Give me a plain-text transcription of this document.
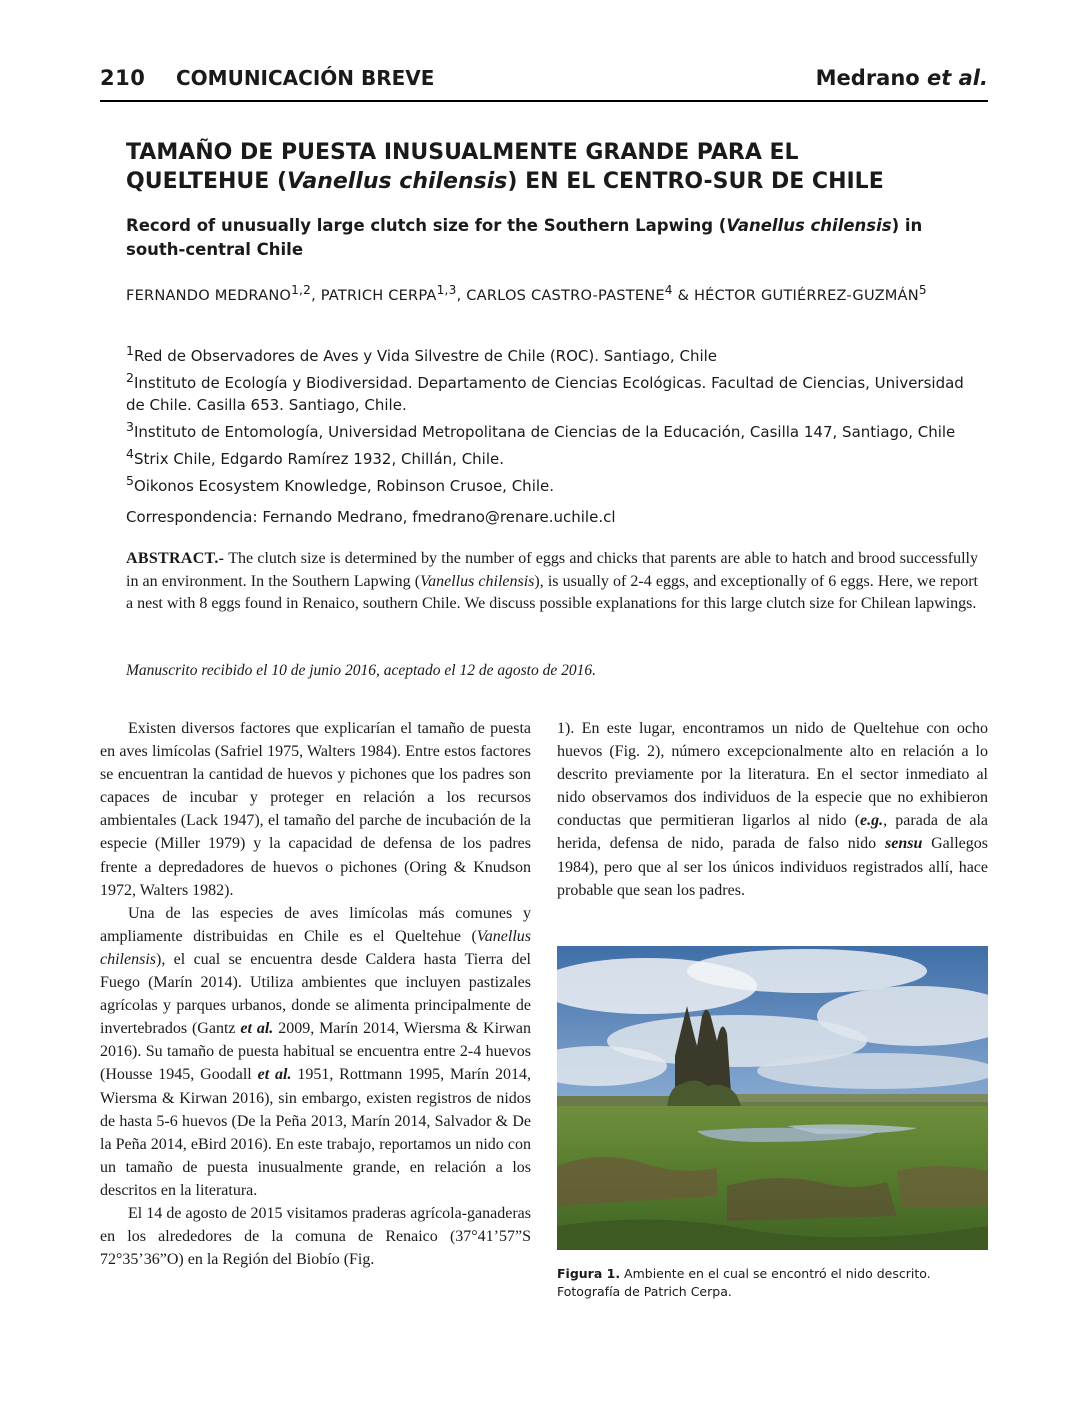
210 COMUNICACIÓN BREVE	Medrano et al.
TAMAÑO DE PUESTA INUSUALMENTE GRANDE PARA EL
QUELTEHUE (Vanellus chilensis) EN EL CENTRO-SUR DE CHILE
Record of unusually large clutch size for the Southern Lapwing (Vanellus chilensis) in south-central Chile
FERNANDO MEDRANO$^{1,2}$, PATRICH CERPA$^{1,3}$, CARLOS CASTRO-PASTENE$^4$ & HÉCTOR GUTIÉRREZ-GUZMÁN$^5$
$^1$Red de Observadores de Aves y Vida Silvestre de Chile (ROC). Santiago, Chile
$^2$Instituto de Ecología y Biodiversidad. Departamento de Ciencias Ecológicas. Facultad de Ciencias, Universidad de Chile. Casilla 653. Santiago, Chile.
$^3$Instituto de Entomología, Universidad Metropolitana de Ciencias de la Educación, Casilla 147, Santiago, Chile
$^4$Strix Chile, Edgardo Ramírez 1932, Chillán, Chile.
$^5$Oikonos Ecosystem Knowledge, Robinson Crusoe, Chile.
Correspondencia: Fernando Medrano, fmedrano@renare.uchile.cl
ABSTRACT.- The clutch size is determined by the number of eggs and chicks that parents are able to hatch and brood successfully in an environment. In the Southern Lapwing (Vanellus chilensis), is usually of 2-4 eggs, and exceptionally of 6 eggs. Here, we report a nest with 8 eggs found in Renaico, southern Chile. We discuss possible explanations for this large clutch size for Chilean lapwings.
Manuscrito recibido el 10 de junio 2016, aceptado el 12 de agosto de 2016.

Existen diversos factores que explicarían el tamaño de puesta en aves limícolas (Safriel 1975, Walters 1984). Entre estos factores se encuentran la cantidad de huevos y pichones que los padres son capaces de incubar y proteger en relación a los recursos ambientales (Lack 1947), el tamaño del parche de incubación de la especie (Miller 1979) y la capacidad de defensa de los padres frente a depredadores de huevos o pichones (Oring & Knudson 1972, Walters 1982).

Una de las especies de aves limícolas más comunes y ampliamente distribuidas en Chile es el Queltehue (Vanellus chilensis), el cual se encuentra desde Caldera hasta Tierra del Fuego (Marín 2014). Utiliza ambientes que incluyen pastizales agrícolas y parques urbanos, donde se alimenta principalmente de invertebrados (Gantz et al. 2009, Marín 2014, Wiersma & Kirwan 2016). Su tamaño de puesta habitual se encuentra entre 2-4 huevos (Housse 1945, Goodall et al. 1951, Rottmann 1995, Marín 2014, Wiersma & Kirwan 2016), sin embargo, existen registros de nidos de hasta 5-6 huevos (De la Peña 2013, Marín 2014, Salvador & De la Peña 2014, eBird 2016). En este trabajo, reportamos un nido con un tamaño de puesta inusualmente grande, en relación a los descritos en la literatura.

El 14 de agosto de 2015 visitamos praderas agrícola-ganaderas en los alrededores de la comuna de Renaico (37°41’57”S 72°35’36”O) en la Región del Biobío (Fig.

1). En este lugar, encontramos un nido de Queltehue con ocho huevos (Fig. 2), número excepcionalmente alto en relación a lo descrito previamente por la literatura. En el sector inmediato al nido observamos dos individuos de la especie que no exhibieron conductas que permitieran ligarlos al nido (e.g., parada de ala herida, defensa de nido, parada de falso nido sensu Gallegos 1984), pero que al ser los únicos individuos registrados allí, hace probable que sean los padres.

Figura 1. Ambiente en el cual se encontró el nido descrito. Fotografía de Patrich Cerpa.
